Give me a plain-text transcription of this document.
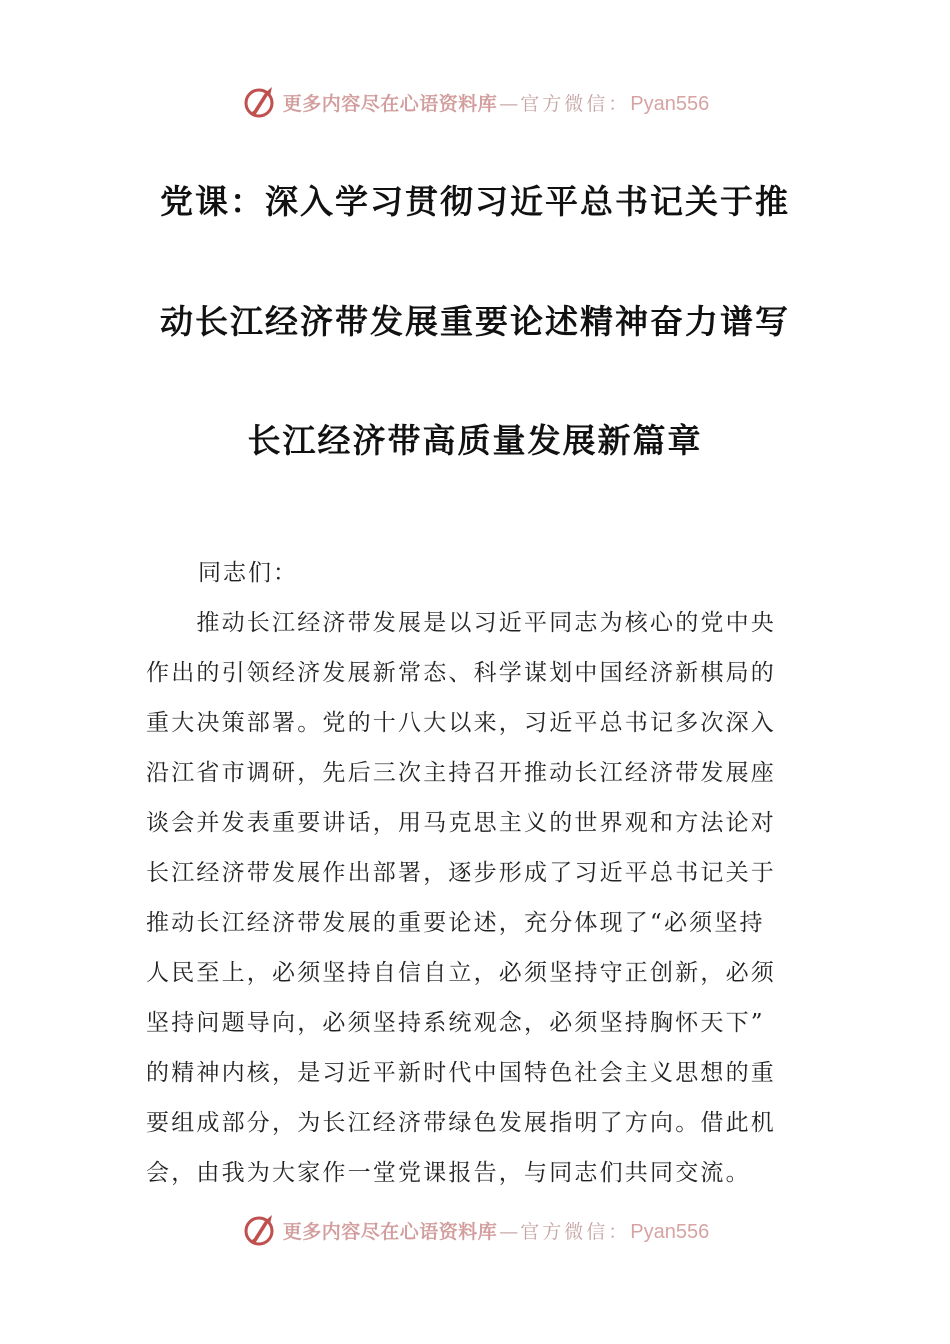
更多内容尽在心语资料库 — 官方微信： Pyan556
党课：深入学习贯彻习近平总书记关于推
动长江经济带发展重要论述精神奋力谱写
长江经济带高质量发展新篇章
同志们：
　　推动长江经济带发展是以习近平同志为核心的党中央
作出的引领经济发展新常态、科学谋划中国经济新棋局的
重大决策部署。党的十八大以来，习近平总书记多次深入
沿江省市调研，先后三次主持召开推动长江经济带发展座
谈会并发表重要讲话，用马克思主义的世界观和方法论对
长江经济带发展作出部署，逐步形成了习近平总书记关于
推动长江经济带发展的重要论述，充分体现了“必须坚持
人民至上，必须坚持自信自立，必须坚持守正创新，必须
坚持问题导向，必须坚持系统观念，必须坚持胸怀天下”
的精神内核，是习近平新时代中国特色社会主义思想的重
要组成部分，为长江经济带绿色发展指明了方向。借此机
会，由我为大家作一堂党课报告，与同志们共同交流。
更多内容尽在心语资料库 — 官方微信： Pyan556
